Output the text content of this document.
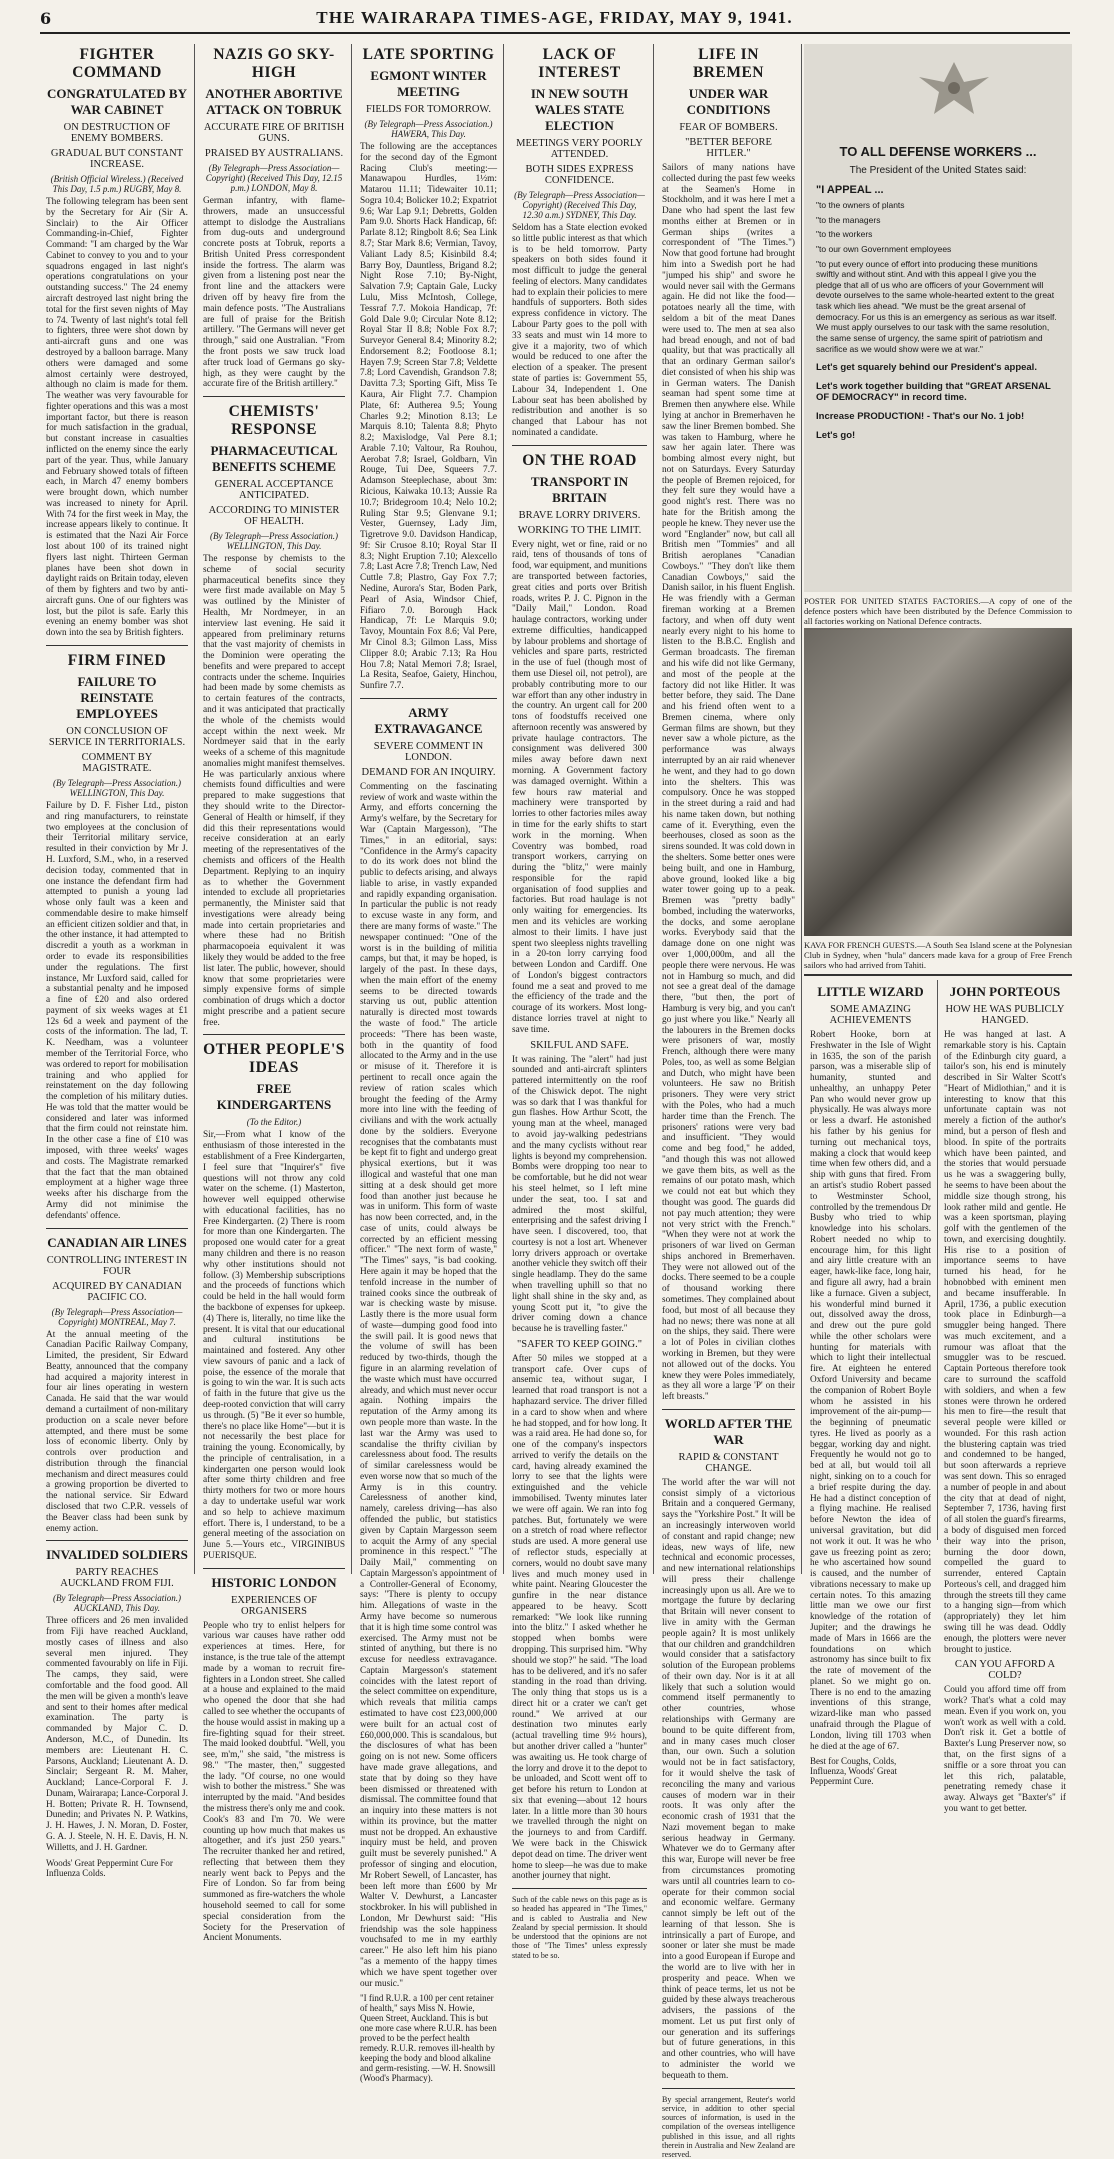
6	THE WAIRARAPA TIMES-AGE, FRIDAY, MAY 9, 1941.
FIGHTER COMMAND
CONGRATULATED BY WAR CABINET
ON DESTRUCTION OF ENEMY BOMBERS.
GRADUAL BUT CONSTANT INCREASE.
(British Official Wireless.) (Received This Day, 1.5 p.m.) RUGBY, May 8.

The following telegram has been sent by the Secretary for Air (Sir A. Sinclair) to the Air Officer Commanding-in-Chief, Fighter Command: "I am charged by the War Cabinet to convey to you and to your squadrons engaged in last night's operations congratulations on your outstanding success." The 24 enemy aircraft destroyed last night bring the total for the first seven nights of May to 74. Twenty of last night's total fell to fighters, three were shot down by anti-aircraft guns and one was destroyed by a balloon barrage. Many others were damaged and some almost certainly were destroyed, although no claim is made for them. The weather was very favourable for fighter operations and this was a most important factor, but there is reason for much satisfaction in the gradual, but constant increase in casualties inflicted on the enemy since the early part of the year. Thus, while January and February showed totals of fifteen each, in March 47 enemy bombers were brought down, which number was increased to ninety for April. With 74 for the first week in May, the increase appears likely to continue. It is estimated that the Nazi Air Force lost about 100 of its trained night flyers last night. Thirteen German planes have been shot down in daylight raids on Britain today, eleven of them by fighters and two by anti-aircraft guns. One of our fighters was lost, but the pilot is safe. Early this evening an enemy bomber was shot down into the sea by British fighters.

FIRM FINED
FAILURE TO REINSTATE EMPLOYEES
ON CONCLUSION OF SERVICE IN TERRITORIALS.
COMMENT BY MAGISTRATE.
(By Telegraph—Press Association.) WELLINGTON, This Day.

Failure by D. F. Fisher Ltd., piston and ring manufacturers, to reinstate two employees at the conclusion of their Territorial military service, resulted in their conviction by Mr J. H. Luxford, S.M., who, in a reserved decision today, commented that in one instance the defendant firm had attempted to punish a young lad whose only fault was a keen and commendable desire to make himself an efficient citizen soldier and that, in the other instance, it had attempted to discredit a youth as a workman in order to evade its responsibilities under the regulations. The first instance, Mr Luxford said, called for a substantial penalty and he imposed a fine of £20 and also ordered payment of six weeks wages at £1 12s 6d a week and payment of the costs of the information. The lad, T. K. Needham, was a volunteer member of the Territorial Force, who was ordered to report for mobilisation training and who applied for reinstatement on the day following the completion of his military duties. He was told that the matter would be considered and later was informed that the firm could not reinstate him. In the other case a fine of £10 was imposed, with three weeks' wages and costs. The Magistrate remarked that the fact that the man obtained employment at a higher wage three weeks after his discharge from the Army did not minimise the defendants' offence.

CANADIAN AIR LINES
CONTROLLING INTEREST IN FOUR
ACQUIRED BY CANADIAN PACIFIC CO.
(By Telegraph—Press Association—Copyright) MONTREAL, May 7.

At the annual meeting of the Canadian Pacific Railway Company, Limited, the president, Sir Edward Beatty, announced that the company had acquired a majority interest in four air lines operating in western Canada. He said that the war would demand a curtailment of non-military production on a scale never before attempted, and there must be some loss of economic liberty. Only by controls over production and distribution through the financial mechanism and direct measures could a growing proportion be diverted to the national service. Sir Edward disclosed that two C.P.R. vessels of the Beaver class had been sunk by enemy action.

INVALIDED SOLDIERS
PARTY REACHES AUCKLAND FROM FIJI.
(By Telegraph—Press Association.) AUCKLAND, This Day.

Three officers and 26 men invalided from Fiji have reached Auckland, mostly cases of illness and also several men injured. They commented favourably on life in Fiji. The camps, they said, were comfortable and the food good. All the men will be given a month's leave and sent to their homes after medical examination. The party is commanded by Major C. D. Anderson, M.C., of Dunedin. Its members are: Lieutenant H. C. Parsons, Auckland; Lieutenant A. D. Sinclair; Sergeant R. M. Maher, Auckland; Lance-Corporal F. J. Dunam, Wairarapa; Lance-Corporal J. H. Botten; Private R. H. Townsend, Dunedin; and Privates N. P. Watkins, J. H. Hawes, J. N. Moran, D. Foster, G. A. J. Steele, N. H. E. Davis, H. N. Willetts, and J. H. Gardner.

Woods' Great Peppermint Cure For Influenza Colds.
NAZIS GO SKY-HIGH
ANOTHER ABORTIVE ATTACK ON TOBRUK
ACCURATE FIRE OF BRITISH GUNS.
PRAISED BY AUSTRALIANS.
(By Telegraph—Press Association—Copyright) (Received This Day, 12.15 p.m.) LONDON, May 8.

German infantry, with flame-throwers, made an unsuccessful attempt to dislodge the Australians from dug-outs and underground concrete posts at Tobruk, reports a British United Press correspondent inside the fortress. The alarm was given from a listening post near the front line and the attackers were driven off by heavy fire from the main defence posts. "The Australians are full of praise for the British artillery. "The Germans will never get through," said one Australian. "From the front posts we saw truck load after truck load of Germans go sky-high, as they were caught by the accurate fire of the British artillery."

CHEMISTS' RESPONSE
PHARMACEUTICAL BENEFITS SCHEME
GENERAL ACCEPTANCE ANTICIPATED.
ACCORDING TO MINISTER OF HEALTH.
(By Telegraph—Press Association.) WELLINGTON, This Day.

The response by chemists to the scheme of social security pharmaceutical benefits since they were first made available on May 5 was outlined by the Minister of Health, Mr Nordmeyer, in an interview last evening. He said it appeared from preliminary returns that the vast majority of chemists in the Dominion were operating the benefits and were prepared to accept contracts under the scheme. Inquiries had been made by some chemists as to certain features of the contracts, and it was anticipated that practically the whole of the chemists would accept within the next week. Mr Nordmeyer said that in the early weeks of a scheme of this magnitude anomalies might manifest themselves. He was particularly anxious where chemists found difficulties and were prepared to make suggestions that they should write to the Director-General of Health or himself, if they did this their representations would receive consideration at an early meeting of the representatives of the chemists and officers of the Health Department. Replying to an inquiry as to whether the Government intended to exclude all proprietaries permanently, the Minister said that investigations were already being made into certain proprietaries and where these had no British pharmacopoeia equivalent it was likely they would be added to the free list later. The public, however, should know that some proprietaries were simply expensive forms of simple combination of drugs which a doctor might prescribe and a patient secure free.

OTHER PEOPLE'S IDEAS
FREE KINDERGARTENS
(To the Editor.)

Sir,—From what I know of the enthusiasm of those interested in the establishment of a Free Kindergarten, I feel sure that "Inquirer's" five questions will not throw any cold water on the scheme. (1) Masterton, however well equipped otherwise with educational facilities, has no Free Kindergarten. (2) There is room for more than one Kindergarten. The proposed one would cater for a great many children and there is no reason why other institutions should not follow. (3) Membership subscriptions and the proceeds of functions which could be held in the hall would form the backbone of expenses for upkeep. (4) There is, literally, no time like the present. It is vital that our educational and cultural institutions be maintained and fostered. Any other view savours of panic and a lack of poise, the essence of the morale that is going to win the war. It is such acts of faith in the future that give us the deep-rooted conviction that will carry us through. (5) "Be it ever so humble, there's no place like Home"—but it is not necessarily the best place for training the young. Economically, by the principle of centralisation, in a kindergarten one person would look after some thirty children and free thirty mothers for two or more hours a day to undertake useful war work and so help to achieve maximum effort. There is, I understand, to be a general meeting of the association on June 5.—Yours etc., VIRGINIBUS PUERISQUE.

HISTORIC LONDON
EXPERIENCES OF ORGANISERS

People who try to enlist helpers for various war causes have rather odd experiences at times. Here, for instance, is the true tale of the attempt made by a woman to recruit fire-fighters in a London street. She called at a house and explained to the maid who opened the door that she had called to see whether the occupants of the house would assist in making up a fire-fighting squad for their street. The maid looked doubtful. "Well, you see, m'm," she said, "the mistress is 98." "The master, then," suggested the lady. "Of course, no one would wish to bother the mistress." She was interrupted by the maid. "And besides the mistress there's only me and cook. Cook's 83 and I'm 70. We were counting up how much that makes us altogether, and it's just 250 years." The recruiter thanked her and retired, reflecting that between them they nearly went back to Pepys and the Fire of London. So far from being summoned as fire-watchers the whole household seemed to call for some special consideration from the Society for the Preservation of Ancient Monuments.

LATE SPORTING
EGMONT WINTER MEETING
FIELDS FOR TOMORROW.
(By Telegraph—Press Association.) HAWERA, This Day.

The following are the acceptances for the second day of the Egmont Racing Club's meeting:— Manawapou Hurdles, 1½m: Matarou 11.11; Tidewaiter 10.11; Sogra 10.4; Bolicker 10.2; Expatriot 9.6; War Lap 9.1; Debretts, Golden Pam 9.0. Shorts Hack Handicap, 6f: Parlate 8.12; Ringbolt 8.6; Sea Link 8.7; Star Mark 8.6; Vermian, Tavoy, Valiant Lady 8.5; Kisinbild 8.4; Barry Boy, Dauntless, Brigand 8.2; Night Rose 7.10; By-Night, Salvation 7.9; Captain Gale, Lucky Lulu, Miss McIntosh, College, Tessraf 7.7. Mokoia Handicap, 7f: Gold Dale 9.0; Circular Note 8.12; Royal Star II 8.8; Noble Fox 8.7; Surveyor General 8.4; Minority 8.2; Endorsement 8.2; Footloose 8.1; Hayen 7.9; Screen Star 7.8; Veldette 7.8; Lord Cavendish, Grandson 7.8; Davitta 7.3; Sporting Gift, Miss Te Kaura, Air Flight 7.7. Champion Plate, 6f: Autherea 9.5; Young Charles 9.2; Minotion 8.13; Le Marquis 8.10; Talenta 8.8; Phyto 8.2; Maxislodge, Val Pere 8.1; Arable 7.10; Valtour, Ra Rouhou, Aerobat 7.8; Israel, Goldbarn, Vin Rouge, Tui Dee, Squeers 7.7. Adamson Steeplechase, about 3m: Ricious, Kaiwaka 10.13; Aussie Ra 10.7; Bridegroom 10.4; Nelo 10.2; Ruling Star 9.5; Glenvane 9.1; Vester, Guernsey, Lady Jim, Tigretrove 9.0. Davidson Handicap, 9f: Sir Crusoe 8.10; Royal Star II 8.3; Night Eruption 7.10; Alexcello 7.8; Last Acre 7.8; Trench Law, Ned Cuttle 7.8; Plastro, Gay Fox 7.7; Nedine, Aurora's Star, Boden Park, Pearl of Asia, Windsor Chief, Fifiaro 7.0. Borough Hack Handicap, 7f: Le Marquis 9.0; Tavoy, Mountain Fox 8.6; Val Pere, Mr Cinol 8.3; Gilmon Lass, Miss Clipper 8.0; Arabic 7.13; Ra Hou Hou 7.8; Natal Memori 7.8; Israel, La Resita, Seafoe, Gaiety, Hinchou, Sunfire 7.7.

ARMY EXTRAVAGANCE
SEVERE COMMENT IN LONDON.
DEMAND FOR AN INQUIRY.

Commenting on the fascinating review of work and waste within the Army, and efforts concerning the Army's welfare, by the Secretary for War (Captain Margesson), "The Times," in an editorial, says: "Confidence in the Army's capacity to do its work does not blind the public to defects arising, and always liable to arise, in vastly expanded and rapidly expanding organisation. In particular the public is not ready to excuse waste in any form, and there are many forms of waste." The newspaper continued: "One of the worst is in the building of militia camps, but that, it may be hoped, is largely of the past. In these days, when the main effort of the enemy seems to be directed towards starving us out, public attention naturally is directed most towards the waste of food." The article proceeds: "There has been waste, both in the quantity of food allocated to the Army and in the use or misuse of it. Therefore it is pertinent to recall once again the review of ration scales which brought the feeding of the Army more into line with the feeding of civilians and with the work actually done by the soldiers. Everyone recognises that the combatants must be kept fit to fight and undergo great physical exertions, but it was illogical and wasteful that one man sitting at a desk should get more food than another just because he was in uniform. This form of waste has now been corrected, and, in the case of units, could always be corrected by an efficient messing officer." "The next form of waste," "The Times" says, "is bad cooking. Here again it may be hoped that the tenfold increase in the number of trained cooks since the outbreak of war is checking waste by misuse. Lastly there is the more usual form of waste—dumping good food into the swill pail. It is good news that the volume of swill has been reduced by two-thirds, though the figure in an alarming revelation of the waste which must have occurred already, and which must never occur again. Nothing impairs the reputation of the Army among its own people more than waste. In the last war the Army was used to scandalise the thrifty civilian by carelessness about food. The results of similar carelessness would be even worse now that so much of the Army is in this country. Carelessness of another kind, namely, careless driving—has also offended the public, but statistics given by Captain Margesson seem to acquit the Army of any special prominence in this respect." "The Daily Mail," commenting on Captain Margesson's appointment of a Controller-General of Economy, says: "There is plenty to occupy him. Allegations of waste in the Army have become so numerous that it is high time some control was exercised. The Army must not be stinted of anything, but there is no excuse for needless extravagance. Captain Margesson's statement coincides with the latest report of the select committee on expenditure, which reveals that militia camps estimated to have cost £23,000,000 were built for an actual cost of £60,000,000. This is scandalous, but the disclosures of what has been going on is not new. Some officers have made grave allegations, and state that by doing so they have been dismissed or threatened with dismissal. The committee found that an inquiry into these matters is not within its province, but the matter must not be dropped. An exhaustive inquiry must be held, and proven guilt must be severely punished." A professor of singing and elocution, Mr Robert Sewell, of Lancaster, has been left more than £600 by Mr Walter V. Dewhurst, a Lancaster stockbroker. In his will published in London, Mr Dewhurst said: "His friendship was the sole happiness vouchsafed to me in my earthly career." He also left him his piano "as a memento of the happy times which we have spent together over our music."

"I find R.U.R. a 100 per cent retainer of health," says Miss N. Howie, Queen Street, Auckland. This is but one more case where R.U.R. has been proved to be the perfect health remedy. R.U.R. removes ill-health by keeping the body and blood alkaline and germ-resisting. —W. H. Snowsill (Wood's Pharmacy).
LACK OF INTEREST
IN NEW SOUTH WALES STATE ELECTION
MEETINGS VERY POORLY ATTENDED.
BOTH SIDES EXPRESS CONFIDENCE.
(By Telegraph—Press Association—Copyright) (Received This Day, 12.30 a.m.) SYDNEY, This Day.

Seldom has a State election evoked so little public interest as that which is to be held tomorrow. Party speakers on both sides found it most difficult to judge the general feeling of electors. Many candidates had to explain their policies to mere handfuls of supporters. Both sides express confidence in victory. The Labour Party goes to the poll with 33 seats and must win 14 more to give it a majority, two of which would be reduced to one after the election of a speaker. The present state of parties is: Government 55, Labour 34, Independent 1. One Labour seat has been abolished by redistribution and another is so changed that Labour has not nominated a candidate.

ON THE ROAD
TRANSPORT IN BRITAIN
BRAVE LORRY DRIVERS.
WORKING TO THE LIMIT.

Every night, wet or fine, raid or no raid, tens of thousands of tons of food, war equipment, and munitions are transported between factories, great cities and ports over British roads, writes P. J. C. Pignon in the "Daily Mail," London. Road haulage contractors, working under extreme difficulties, handicapped by labour problems and shortage of vehicles and spare parts, restricted in the use of fuel (though most of them use Diesel oil, not petrol), are probably contributing more to our war effort than any other industry in the country. An urgent call for 200 tons of foodstuffs received one afternoon recently was answered by private haulage contractors. The consignment was delivered 300 miles away before dawn next morning. A Government factory was damaged overnight. Within a few hours raw material and machinery were transported by lorries to other factories miles away in time for the early shifts to start work in the morning. When Coventry was bombed, road transport workers, carrying on during the "blitz," were mainly responsible for the rapid organisation of food supplies and factories. But road haulage is not only waiting for emergencies. Its men and its vehicles are working almost to their limits. I have just spent two sleepless nights travelling in a 20-ton lorry carrying food between London and Cardiff. One of London's biggest contractors found me a seat and proved to me the efficiency of the trade and the courage of its workers. Most long-distance lorries travel at night to save time.

SKILFUL AND SAFE.

It was raining. The "alert" had just sounded and anti-aircraft splinters pattered intermittently on the roof of the Chiswick depot. The night was so dark that I was thankful for gun flashes. How Arthur Scott, the young man at the wheel, managed to avoid jay-walking pedestrians and the many cyclists without rear lights is beyond my comprehension. Bombs were dropping too near to be comfortable, but he did not wear his steel helmet, so I left mine under the seat, too. I sat and admired the most skilful, enterprising and the safest driving I have seen. I discovered, too, that courtesy is not a lost art. Whenever lorry drivers approach or overtake another vehicle they switch off their single headlamp. They do the same when travelling uphill so that no light shall shine in the sky and, as young Scott put it, "to give the driver coming down a chance because he is travelling faster."

"SAFER TO KEEP GOING."

After 50 miles we stopped at a transport cafe. Over cups of ansemic tea, without sugar, I learned that road transport is not a haphazard service. The driver filled in a card to show when and where he had stopped, and for how long. It was a raid area. He had done so, for one of the company's inspectors arrived to verify the details on the card, having already examined the lorry to see that the lights were extinguished and the vehicle immobilised. Twenty minutes later we were off again. We ran into fog patches. But, fortunately we were on a stretch of road where reflector studs are used. A more general use of reflector studs, especially at corners, would no doubt save many lives and much money used in white paint. Nearing Gloucester the gunfire in the near distance appeared to be heavy. Scott remarked: "We look like running into the blitz." I asked whether he stopped when bombs were dropping. This surprised him. "Why should we stop?" he said. "The load has to be delivered, and it's no safer standing in the road than driving. The only thing that stops us is a direct hit or a crater we can't get round." We arrived at our destination two minutes early (actual travelling time 9½ hours), but another driver called a "hunter" was awaiting us. He took charge of the lorry and drove it to the depot to be unloaded, and Scott went off to get before his return to London at six that evening—about 12 hours later. In a little more than 30 hours we travelled through the night on the journeys to and from Cardiff. We were back in the Chiswick depot dead on time. The driver went home to sleep—he was due to make another journey that night.

Such of the cable news on this page as is so headed has appeared in "The Times," and is cabled to Australia and New Zealand by special permission. It should be understood that the opinions are not those of "The Times" unless expressly stated to be so.

LIFE IN BREMEN
UNDER WAR CONDITIONS
FEAR OF BOMBERS.
"BETTER BEFORE HITLER."

Sailors of many nations have collected during the past few weeks at the Seamen's Home in Stockholm, and it was here I met a Dane who had spent the last few months either at Bremen or in German ships (writes a correspondent of "The Times.") Now that good fortune had brought him into a Swedish port he had "jumped his ship" and swore he would never sail with the Germans again. He did not like the food—potatoes nearly all the time, with seldom a bit of the meat Danes were used to. The men at sea also had bread enough, and not of bad quality, but that was practically all that an ordinary German sailor's diet consisted of when his ship was in German waters. The Danish seaman had spent some time at Bremen then anywhere else. While lying at anchor in Bremerhaven he saw the liner Bremen bombed. She was taken to Hamburg, where he saw her again later. There was bombing almost every night, but not on Saturdays. Every Saturday the people of Bremen rejoiced, for they felt sure they would have a good night's rest. There was no hate for the British among the people he knew. They never use the word "Englander" now, but call all British men "Tommies" and all British aeroplanes "Canadian Cowboys." "They don't like them Canadian Cowboys," said the Danish sailor, in his fluent English. He was friendly with a German fireman working at a Bremen factory, and when off duty went nearly every night to his home to listen to the B.B.C. English and German broadcasts. The fireman and his wife did not like Germany, and most of the people at the factory did not like Hitler. It was better before, they said. The Dane and his friend often went to a Bremen cinema, where only German films are shown, but they never saw a whole picture, as the performance was always interrupted by an air raid whenever he went, and they had to go down into the shelters. This was compulsory. Once he was stopped in the street during a raid and had his name taken down, but nothing came of it. Everything, even the beerhouses, closed as soon as the sirens sounded. It was cold down in the shelters. Some better ones were being built, and one in Hamburg, above ground, looked like a big water tower going up to a peak. Bremen was "pretty badly" bombed, including the waterworks, the docks, and some aeroplane works. Everybody said that the damage done on one night was over 1,000,000m, and all the people there were nervous. He was not in Hamburg so much, and did not see a great deal of the damage there, "but then, the port of Hamburg is very big, and you can't go just where you like." Nearly all the labourers in the Bremen docks were prisoners of war, mostly French, although there were many Poles, too, as well as some Belgian and Dutch, who might have been volunteers. He saw no British prisoners. They were very strict with the Poles, who had a much harder time than the French. The prisoners' rations were very bad and insufficient. "They would come and beg food," he added, "and though this was not allowed we gave them bits, as well as the remains of our potato mash, which we could not eat but which they thought was good. The guards did not pay much attention; they were not very strict with the French." "When they were not at work the prisoners of war lived on German ships anchored in Bremerhaven. They were not allowed out of the docks. There seemed to be a couple of thousand working there sometimes. They complained about food, but most of all because they had no news; there was none at all on the ships, they said. There were a lot of Poles in civilian clothes working in Bremen, but they were not allowed out of the docks. You knew they were Poles immediately, as they all wore a large 'P' on their left breasts."

WORLD AFTER THE WAR
RAPID & CONSTANT CHANGE.

The world after the war will not consist simply of a victorious Britain and a conquered Germany, says the "Yorkshire Post." It will be an increasingly interwoven world of constant and rapid change; new ideas, new ways of life, new technical and economic processes, and new international relationships will press their challenge increasingly upon us all. Are we to mortgage the future by declaring that Britain will never consent to live in amity with the German people again? It is most unlikely that our children and grandchildren would consider that a satisfactory solution of the European problems of their own day. Nor is it at all likely that such a solution would commend itself permanently to other countries, whose relationships with Germany are bound to be quite different from, and in many cases much closer than, our own. Such a solution would not be in fact satisfactory, for it would shelve the task of reconciling the many and various causes of modern war in their roots. It was only after the economic crash of 1931 that the Nazi movement began to make serious headway in Germany. Whatever we do to Germany after this war, Europe will never be free from circumstances promoting wars until all countries learn to co-operate for their common social and economic welfare. Germany cannot simply be left out of the learning of that lesson. She is intrinsically a part of Europe, and sooner or later she must be made into a good European if Europe and the world are to live with her in prosperity and peace. When we think of peace terms, let us not be guided by these always treacherous advisers, the passions of the moment. Let us put first only of our generation and its sufferings but of future generations, in this and other countries, who will have to administer the world we bequeath to them.

By special arrangement, Reuter's world service, in addition to other special sources of information, is used in the compilation of the overseas intelligence published in this issue, and all rights therein in Australia and New Zealand are reserved.

TO ALL DEFENSE WORKERS ...
The President of the United States said:
"I APPEAL ...
"to the owners of plants
"to the managers
"to the workers
"to our own Government employees
"to put every ounce of effort into producing these munitions swiftly and without stint. And with this appeal I give you the pledge that all of us who are officers of your Government will devote ourselves to the same whole-hearted extent to the great task which lies ahead. "We must be the great arsenal of democracy. For us this is an emergency as serious as war itself. We must apply ourselves to our task with the same resolution, the same sense of urgency, the same spirit of patriotism and sacrifice as we would show were we at war."
Let's get squarely behind our President's appeal.
Let's work together building that "GREAT ARSENAL OF DEMOCRACY" in record time.
Increase PRODUCTION! - That's our No. 1 job!
Let's go!
POSTER FOR UNITED STATES FACTORIES.—A copy of one of the defence posters which have been distributed by the Defence Commission to all factories working on National Defence contracts.
KAVA FOR FRENCH GUESTS.—A South Sea Island scene at the Polynesian Club in Sydney, when "hula" dancers made kava for a group of Free French sailors who had arrived from Tahiti.
LITTLE WIZARD
SOME AMAZING ACHIEVEMENTS

Robert Hooke, born at Freshwater in the Isle of Wight in 1635, the son of the parish parson, was a miserable slip of humanity, stunted and unhealthy, an unhappy Peter Pan who would never grow up physically. He was always more or less a dwarf. He astonished his father by his genius for turning out mechanical toys, making a clock that would keep time when few others did, and a ship with guns that fired. From an artist's studio Robert passed to Westminster School, controlled by the tremendous Dr Busby who tried to whip knowledge into his scholars. Robert needed no whip to encourage him, for this light and airy little creature with an eager, hawk-like face, long hair, and figure all awry, had a brain like a furnace. Given a subject, his wonderful mind burned it out, dissolved away the dross, and drew out the pure gold while the other scholars were hunting for materials with which to light their intellectual fire. At eighteen he entered Oxford University and became the companion of Robert Boyle whom he assisted in his improvement of the air-pump—the beginning of pneumatic tyres. He lived as poorly as a beggar, working day and night. Frequently he would not go to bed at all, but would toil all night, sinking on to a couch for a brief respite during the day. He had a distinct conception of a flying machine. He realised before Newton the idea of universal gravitation, but did not work it out. It was he who gave us freezing point as zero; he who ascertained how sound is caused, and the number of vibrations necessary to make up certain notes. To this amazing little man we owe our first knowledge of the rotation of Jupiter; and the drawings he made of Mars in 1666 are the foundations on which astronomy has since built to fix the rate of movement of the planet. So we might go on. There is no end to the amazing inventions of this strange, wizard-like man who passed unafraid through the Plague of London, living till 1703 when he died at the age of 67.

Best for Coughs, Colds, Influenza, Woods' Great Peppermint Cure.
JOHN PORTEOUS
HOW HE WAS PUBLICLY HANGED.

He was hanged at last. A remarkable story is his. Captain of the Edinburgh city guard, a tailor's son, his end is minutely described in Sir Walter Scott's "Heart of Midlothian," and it is interesting to know that this unfortunate captain was not merely a fiction of the author's mind, but a person of flesh and blood. In spite of the portraits which have been painted, and the stories that would persuade us he was a swaggering bully, he seems to have been about the middle size though strong, his look rather mild and gentle. He was a keen sportsman, playing golf with the gentlemen of the town, and exercising doughtily. His rise to a position of importance seems to have turned his head, for he hobnobbed with eminent men and became insufferable. In April, 1736, a public execution took place in Edinburgh—a smuggler being hanged. There was much excitement, and a rumour was afloat that the smuggler was to be rescued. Captain Porteous therefore took care to surround the scaffold with soldiers, and when a few stones were thrown he ordered his men to fire—the result that several people were killed or wounded. For this rash action the blustering captain was tried and condemned to be hanged, but soon afterwards a reprieve was sent down. This so enraged a number of people in and about the city that at dead of night, September 7, 1736, having first of all stolen the guard's firearms, a body of disguised men forced their way into the prison, burning the door down, compelled the guard to surrender, entered Captain Porteous's cell, and dragged him through the streets till they came to a hanging sign—from which (appropriately) they let him swing till he was dead. Oddly enough, the plotters were never brought to justice.

CAN YOU AFFORD A COLD?

Could you afford time off from work? That's what a cold may mean. Even if you work on, you won't work as well with a cold. Don't risk it. Get a bottle of Baxter's Lung Preserver now, so that, on the first signs of a sniffle or a sore throat you can let this rich, palatable, penetrating remedy chase it away. Always get "Baxter's" if you want to get better.
